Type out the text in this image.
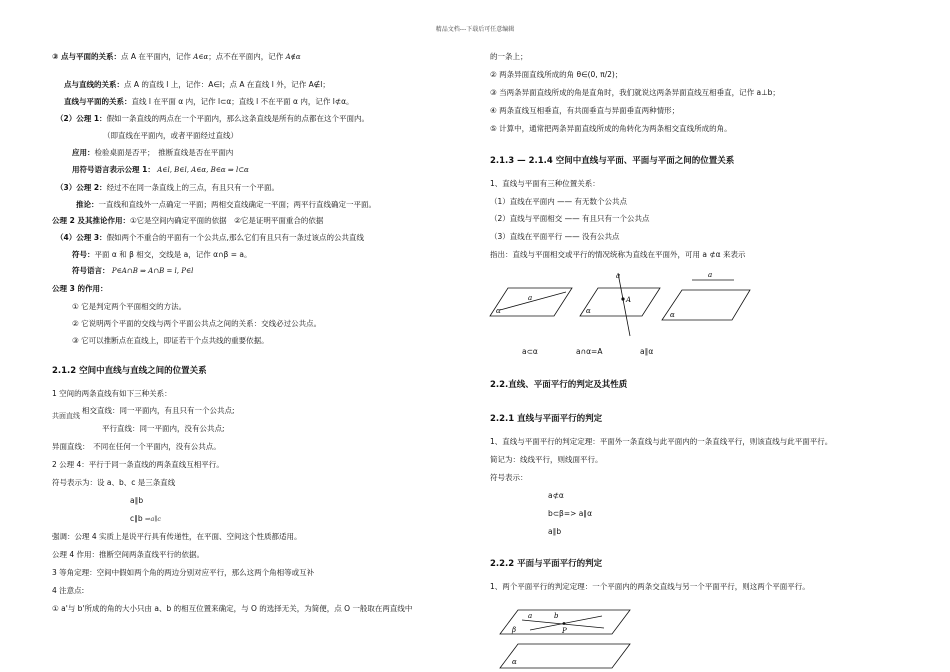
精品文档---下载后可任意编辑
③ 点与平面的关系：点 A 在平面内，记作 A∈α；点不在平面内，记作 A∉α
点与直线的关系：点 A 的直线 l 上，记作：A∈l；点 A 在直线 l 外，记作 A∉l；
直线与平面的关系：直线 l 在平面 α 内，记作 l⊂α；直线 l 不在平面 α 内，记作 l⊄α。
（2）公理 1：假如一条直线的两点在一个平面内，那么这条直线是所有的点都在这个平面内。
（即直线在平面内，或者平面经过直线）
应用：检验桌面是否平；　推断直线是否在平面内
用符号语言表示公理 1： A∈l, B∈l, A∈α, B∈α ⇒ l⊂α
（3）公理 2：经过不在同一条直线上的三点，有且只有一个平面。
推论：一直线和直线外一点确定一平面；两相交直线确定一平面；两平行直线确定一平面。
公理 2 及其推论作用：①它是空间内确定平面的依据　②它是证明平面重合的依据
（4）公理 3：假如两个不重合的平面有一个公共点,那么它们有且只有一条过该点的公共直线
符号：平面 α 和 β 相交，交线是 a，记作 α∩β = a。
符号语言： P∈A∩B ⇒ A∩B = l, P∈l
公理 3 的作用：
① 它是判定两个平面相交的方法。
② 它说明两个平面的交线与两个平面公共点之间的关系：交线必过公共点。
③ 它可以推断点在直线上，即证若干个点共线的重要依据。
2.1.2 空间中直线与直线之间的位置关系
1 空间的两条直线有如下三种关系：
共面直线
相交直线：同一平面内，有且只有一个公共点;
平行直线：同一平面内，没有公共点;
异面直线：　不同在任何一个平面内，没有公共点。
2 公理 4：平行于同一条直线的两条直线互相平行。
符号表示为：设 a、b、c 是三条直线
a∥b
c∥b ⇒a∥c
强调：公理 4 实质上是说平行具有传递性，在平面、空间这个性质都适用。
公理 4 作用：推断空间两条直线平行的依据。
3 等角定理：空间中假如两个角的两边分别对应平行，那么这两个角相等或互补
4 注意点:
① a'与 b'所成的角的大小只由 a、b 的相互位置来确定，与 O 的选择无关，为简便，点 O 一般取在两直线中
的一条上；
② 两条异面直线所成的角 θ∈(0, π/2)；
③ 当两条异面直线所成的角是直角时，我们就说这两条异面直线互相垂直，记作 a⊥b；
④ 两条直线互相垂直，有共面垂直与异面垂直两种情形；
⑤ 计算中，通常把两条异面直线所成的角转化为两条相交直线所成的角。
2.1.3 — 2.1.4 空间中直线与平面、平面与平面之间的位置关系
1、直线与平面有三种位置关系：
（1）直线在平面内 —— 有无数个公共点
（2）直线与平面相交 —— 有且只有一个公共点
（3）直线在平面平行 —— 没有公共点
指出：直线与平面相交或平行的情况统称为直线在平面外，可用 a ⊄α 来表示
α
a
a
A
α
a
α
a⊂α	a∩α=A	a∥α
2.2.直线、平面平行的判定及其性质
2.2.1 直线与平面平行的判定
1、直线与平面平行的判定定理：平面外一条直线与此平面内的一条直线平行，则该直线与此平面平行。
简记为：线线平行，则线面平行。
符号表示：
a⊄α
b⊂β=> a∥α
a∥b
2.2.2 平面与平面平行的判定
1、两个平面平行的判定定理：一个平面内的两条交直线与另一个平面平行，则这两个平面平行。
β
a	b
P
α
